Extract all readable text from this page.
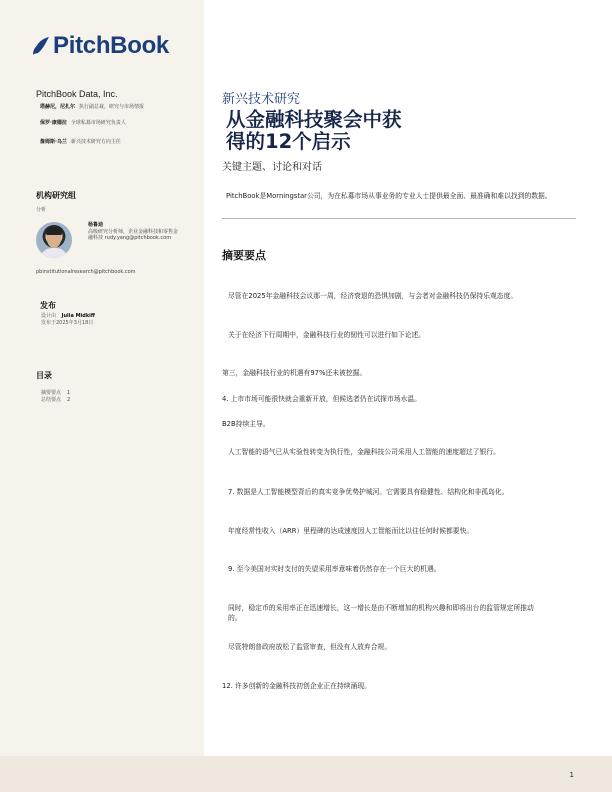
PitchBook
PitchBook Data, Inc.
塔赫尼，尼扎尔 执行副总裁，研究与市场情报
保罗·康德拉 全球私募市场研究负责人
詹姆斯·乌兰 新兴技术研究方向主任
机构研究组
分析
杨鲁迪
高级研究分析师，企业金融科技和零售金融科技 rudy.yang@pitchbook.com
pbinstitutionalresearch@pitchbook.com
发布
设计由 Julia Midkiff
发布于2025年3月18日
目录
摘要要点 1
总结要点 2
新兴技术研究
从金融科技聚会中获
得的12个启示
关键主题、讨论和对话
PitchBook是Morningstar公司，为在私募市场从事业务的专业人士提供最全面、最准确和难以找到的数据。
摘要要点
尽管在2025年金融科技会议那一周，经济衰退的恐惧加剧，与会者对金融科技仍保持乐观态度。
关于在经济下行周期中，金融科技行业的韧性可以进行如下论述。
第三，金融科技行业的机遇有97%还未被挖掘。
4. 上市市场可能很快就会重新开放，但候选者仍在试探市场水温。
B2B持续主导。
人工智能的语气已从实验性转变为执行性，金融科技公司采用人工智能的速度超过了银行。
7. 数据是人工智能模型背后的真实竞争优势护城河。它需要具有稳健性、结构化和非孤岛化。
年度经常性收入（ARR）里程碑的达成速度因人工智能而比以往任何时候都要快。
9. 至今美国对实时支付的失望采用率意味着仍然存在一个巨大的机遇。
同时，稳定币的采用率正在迅速增长，这一增长是由不断增加的机构兴趣和即将出台的监管规定所推动的。
尽管特朗普政府放松了监管审查，但没有人放弃合规。
12. 许多创新的金融科技初创企业正在持续涌现。
1
